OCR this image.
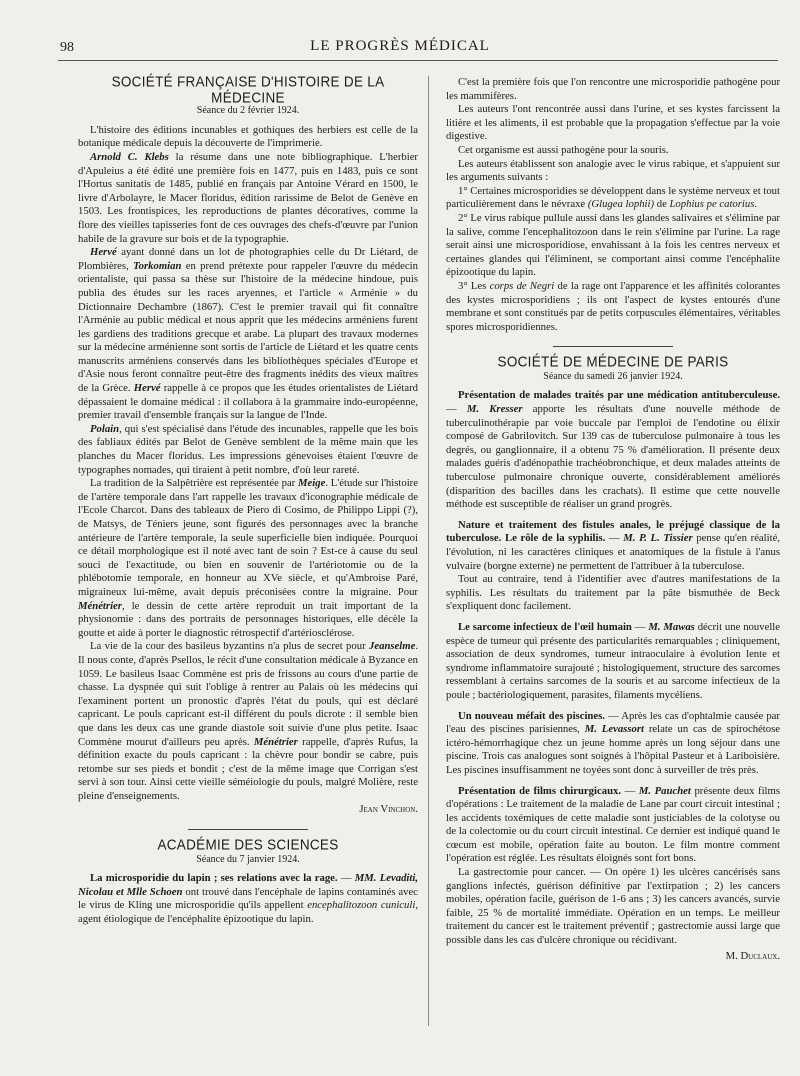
98	LE PROGRÈS MÉDICAL
SOCIÉTÉ FRANÇAISE D'HISTOIRE DE LA MÉDECINE
Séance du 2 février 1924.

L'histoire des éditions incunables et gothiques des herbiers est celle de la botanique médicale depuis la découverte de l'imprimerie.

Arnold C. Klebs la résume dans une note bibliographique. L'herbier d'Apuleius a été édité une première fois en 1477, puis en 1483, puis ce sont l'Hortus sanitatis de 1485, publié en français par Antoine Vérard en 1500, le livre d'Arbolayre, le Macer floridus, édition rarissime de Belot de Genève en 1503. Les frontispices, les reproductions de plantes décoratives, comme la flore des vieilles tapisseries font de ces ouvrages des chefs-d'œuvre par l'union habile de la gravure sur bois et de la typographie.

Hervé ayant donné dans un lot de photographies celle du Dr Liétard, de Plombières, Torkomian en prend prétexte pour rappeler l'œuvre du médecin orientaliste, qui passa sa thèse sur l'histoire de la médecine hindoue, puis publia des études sur les races aryennes, et l'article « Arménie » du Dictionnaire Dechambre (1867). C'est le premier travail qui fit connaître l'Arménie au public médical et nous apprit que les médecins arméniens furent les gardiens des traditions grecque et arabe. La plupart des travaux modernes sur la médecine arménienne sont sortis de l'article de Liétard et les quatre cents manuscrits arméniens conservés dans les bibliothèques spéciales d'Europe et d'Asie nous feront connaître peut-être des fragments inédits des vieux maîtres de la Grèce. Hervé rappelle à ce propos que les études orientalistes de Liétard dépassaient le domaine médical : il collabora à la grammaire indo-européenne, premier travail d'ensemble français sur la langue de l'Inde.

Polain, qui s'est spécialisé dans l'étude des incunables, rappelle que les bois des fabliaux édités par Belot de Genève semblent de la même main que les planches du Macer floridus. Les impressions génevoises étaient l'œuvre de typographes nomades, qui tiraient à petit nombre, d'où leur rareté.

La tradition de la Salpêtrière est représentée par Meige. L'étude sur l'histoire de l'artère temporale dans l'art rappelle les travaux d'iconographie médicale de l'Ecole Charcot. Dans des tableaux de Piero di Cosimo, de Philippo Lippi (?), de Matsys, de Téniers jeune, sont figurés des personnages avec la branche antérieure de l'artère temporale, la seule superficielle bien indiquée. Pourquoi ce détail morphologique est il noté avec tant de soin ? Est-ce à cause du seul souci de l'exactitude, ou bien en souvenir de l'artériotomie ou de la phlébotomie temporale, en honneur au XVe siècle, et qu'Ambroise Paré, migraineux lui-même, avait depuis préconisées contre la migraine. Pour Ménétrier, le dessin de cette artère reproduit un trait important de la physionomie : dans des portraits de personnages historiques, elle décèle la goutte et aide à porter le diagnostic rétrospectif d'artériosclérose.

La vie de la cour des basileus byzantins n'a plus de secret pour Jeanselme. Il nous conte, d'après Psellos, le récit d'une consultation médicale à Byzance en 1059. Le basileus Isaac Commène est pris de frissons au cours d'une partie de chasse. La dyspnée qui suit l'oblige à rentrer au Palais où les médecins qui l'examinent portent un pronostic d'après l'état du pouls, qui est déclaré capricant. Le pouls capricant est-il différent du pouls dicrote : il semble bien que dans les deux cas une grande diastole soit suivie d'une plus petite. Isaac Commène mourut d'ailleurs peu après. Ménétrier rappelle, d'après Rufus, la définition exacte du pouls capricant : la chèvre pour bondir se cabre, puis retombe sur ses pieds et bondit ; c'est de la même image que Corrigan s'est servi à son tour. Ainsi cette vieille séméiologie du pouls, malgré Molière, reste pleine d'enseignements.

Jean Vinchon.

ACADÉMIE DES SCIENCES
Séance du 7 janvier 1924.

La microsporidie du lapin ; ses relations avec la rage. — MM. Levaditi, Nicolau et Mlle Schoen ont trouvé dans l'encéphale de lapins contaminés avec le virus de Kling une microsporidie qu'ils appellent encephalitozoon cuniculi, agent étiologique de l'encéphalite épizootique du lapin.

C'est la première fois que l'on rencontre une microsporidie pathogène pour les mammifères.

Les auteurs l'ont rencontrée aussi dans l'urine, et ses kystes farcissent la litière et les aliments, il est probable que la propagation s'effectue par la voie digestive.

Cet organisme est aussi pathogène pour la souris.

Les auteurs établissent son analogie avec le virus rabique, et s'appuient sur les arguments suivants :

1° Certaines microsporidies se développent dans le système nerveux et tout particulièrement dans le névraxe (Glugea lophii) de Lophius pe catorius.

2° Le virus rabique pullule aussi dans les glandes salivaires et s'élimine par la salive, comme l'encephalitozoon dans le rein s'élimine par l'urine. La rage serait ainsi une microsporidiose, envahissant à la fois les centres nerveux et certaines glandes qui l'éliminent, se comportant ainsi comme l'encéphalite épizootique du lapin.

3° Les corps de Negri de la rage ont l'apparence et les affinités colorantes des kystes microsporidiens ; ils ont l'aspect de kystes entourés d'une membrane et sont constitués par de petits corpuscules élémentaires, véritables spores microsporidiennes.

SOCIÉTÉ DE MÉDECINE DE PARIS
Séance du samedi 26 janvier 1924.

Présentation de malades traités par une médication antituberculeuse. — M. Kresser apporte les résultats d'une nouvelle méthode de tuberculinothérapie par voie buccale par l'emploi de l'endotine ou élixir composé de Gabrilovitch. Sur 139 cas de tuberculose pulmonaire à tous les degrés, ou ganglionnaire, il a obtenu 75 % d'amélioration. Il présente deux malades guéris d'adénopathie trachéobronchique, et deux malades atteints de tuberculose pulmonaire chronique ouverte, considérablement améliorés (disparition des bacilles dans les crachats). Il estime que cette nouvelle méthode est susceptible de réaliser un grand progrès.

Nature et traitement des fistules anales, le préjugé classique de la tuberculose. Le rôle de la syphilis. — M. P. L. Tissier pense qu'en réalité, l'évolution, ni les caractères cliniques et anatomiques de la fistule à l'anus vulvaire (borgne externe) ne permettent de l'attribuer à la tuberculose.

Tout au contraire, tend à l'identifier avec d'autres manifestations de la syphilis. Les résultats du traitement par la pâte bismuthée de Beck s'expliquent donc facilement.

Le sarcome infectieux de l'œil humain — M. Mawas décrit une nouvelle espèce de tumeur qui présente des particularités remarquables ; cliniquement, association de deux syndromes, tumeur intraoculaire à évolution lente et syndrome inflammatoire surajouté ; histologiquement, structure des sarcomes ressemblant à certains sarcomes de la souris et au sarcome infectieux de la poule ; bactériologiquement, parasites, filaments mycéliens.

Un nouveau méfait des piscines. — Après les cas d'ophtalmie causée par l'eau des piscines parisiennes, M. Levassort relate un cas de spirochétose ictéro-hémorrhagique chez un jeune homme après un long séjour dans une piscine. Trois cas analogues sont soignés à l'hôpital Pasteur et à Lariboisière. Les piscines insuffisamment ne toyées sont donc à surveiller de très près.

Présentation de films chirurgicaux. — M. Pauchet présente deux films d'opérations : Le traitement de la maladie de Lane par court circuit intestinal ; les accidents toxémiques de cette maladie sont justiciables de la colotyse ou de la colectomie ou du court circuit intestinal. Ce dernier est indiqué quand le cœcum est mobile, opération faite au bouton. Le film montre comment l'opération est réglée. Les résultats éloignés sont fort bons.

La gastrectomie pour cancer. — On opère 1) les ulcères cancérisés sans ganglions infectés, guérison définitive par l'extirpation ; 2) les cancers mobiles, opération facile, guérison de 1-6 ans ; 3) les cancers avancés, survie faible, 25 % de mortalité immédiate. Opération en un temps. Le meilleur traitement du cancer est le traitement préventif ; gastrectomie aussi large que possible dans les cas d'ulcère chronique ou récidivant.

M. Duclaux.
